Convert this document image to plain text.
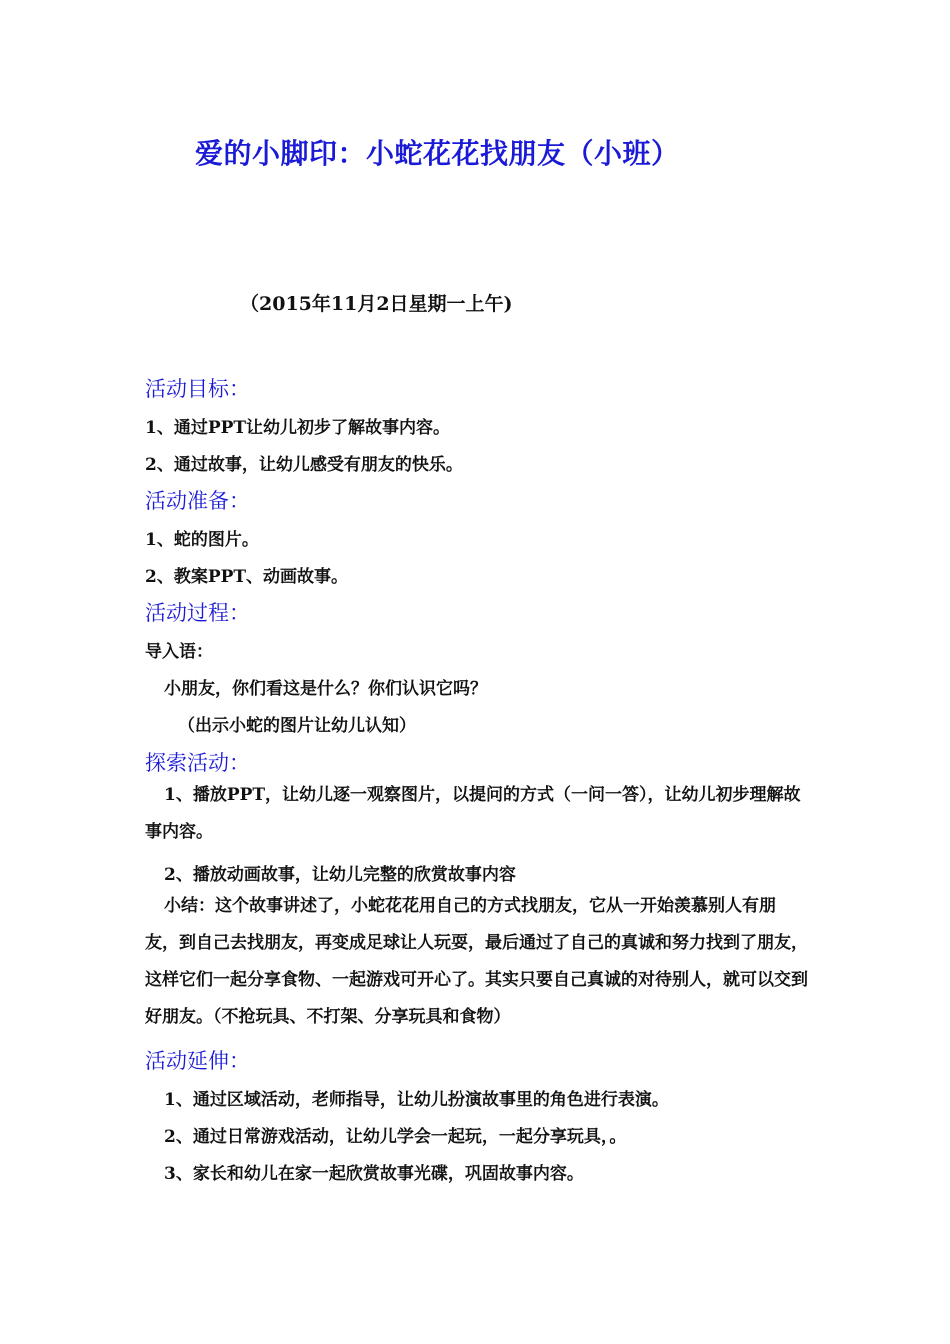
爱的小脚印：小蛇花花找朋友（小班）
（2015年11月2日星期一上午)
活动目标：
1、通过PPT让幼儿初步了解故事内容。
2、通过故事，让幼儿感受有朋友的快乐。
活动准备：
1、蛇的图片。
2、教案PPT、动画故事。
活动过程：
导入语：
小朋友，你们看这是什么？你们认识它吗？
（出示小蛇的图片让幼儿认知）
探索活动：
1、播放PPT，让幼儿逐一观察图片，以提问的方式（一问一答），让幼儿初步理解故事内容。
2、播放动画故事，让幼儿完整的欣赏故事内容
小结：这个故事讲述了，小蛇花花用自己的方式找朋友，它从一开始羡慕别人有朋友，到自己去找朋友，再变成足球让人玩耍，最后通过了自己的真诚和努力找到了朋友，这样它们一起分享食物、一起游戏可开心了。其实只要自己真诚的对待别人，就可以交到好朋友。（不抢玩具、不打架、分享玩具和食物）
活动延伸：
1、通过区域活动，老师指导，让幼儿扮演故事里的角色进行表演。
2、通过日常游戏活动，让幼儿学会一起玩，一起分享玩具，。
3、家长和幼儿在家一起欣赏故事光碟，巩固故事内容。
